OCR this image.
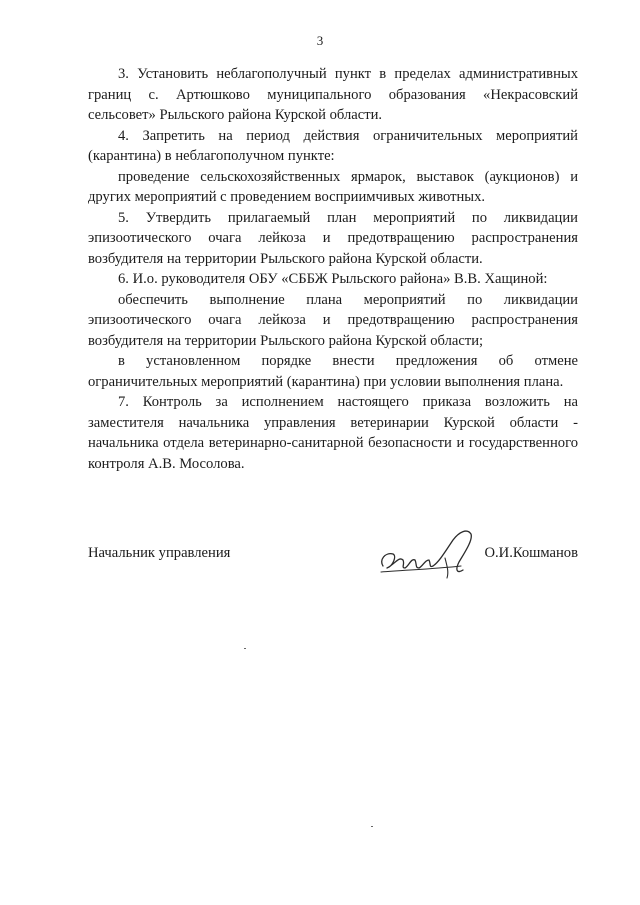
3

3. Установить неблагополучный пункт в пределах административных границ с. Артюшково муниципального образования «Некрасовский сельсовет» Рыльского района Курской области.

4. Запретить на период действия ограничительных мероприятий (карантина) в неблагополучном пункте:

проведение сельскохозяйственных ярмарок, выставок (аукционов) и других мероприятий с проведением восприимчивых животных.

5. Утвердить прилагаемый план мероприятий по ликвидации эпизоотического очага лейкоза и предотвращению распространения возбудителя на территории Рыльского района Курской области.

6. И.о. руководителя ОБУ «СББЖ Рыльского района» В.В. Хащиной:

обеспечить выполнение плана мероприятий по ликвидации эпизоотического очага лейкоза и предотвращению распространения возбудителя на территории Рыльского района Курской области;

в установленном порядке внести предложения об отмене ограничительных мероприятий (карантина) при условии выполнения плана.

7. Контроль за исполнением настоящего приказа возложить на заместителя начальника управления ветеринарии Курской области - начальника отдела ветеринарно-санитарной безопасности и государственного контроля А.В. Мосолова.

Начальник управления	О.И.Кошманов
